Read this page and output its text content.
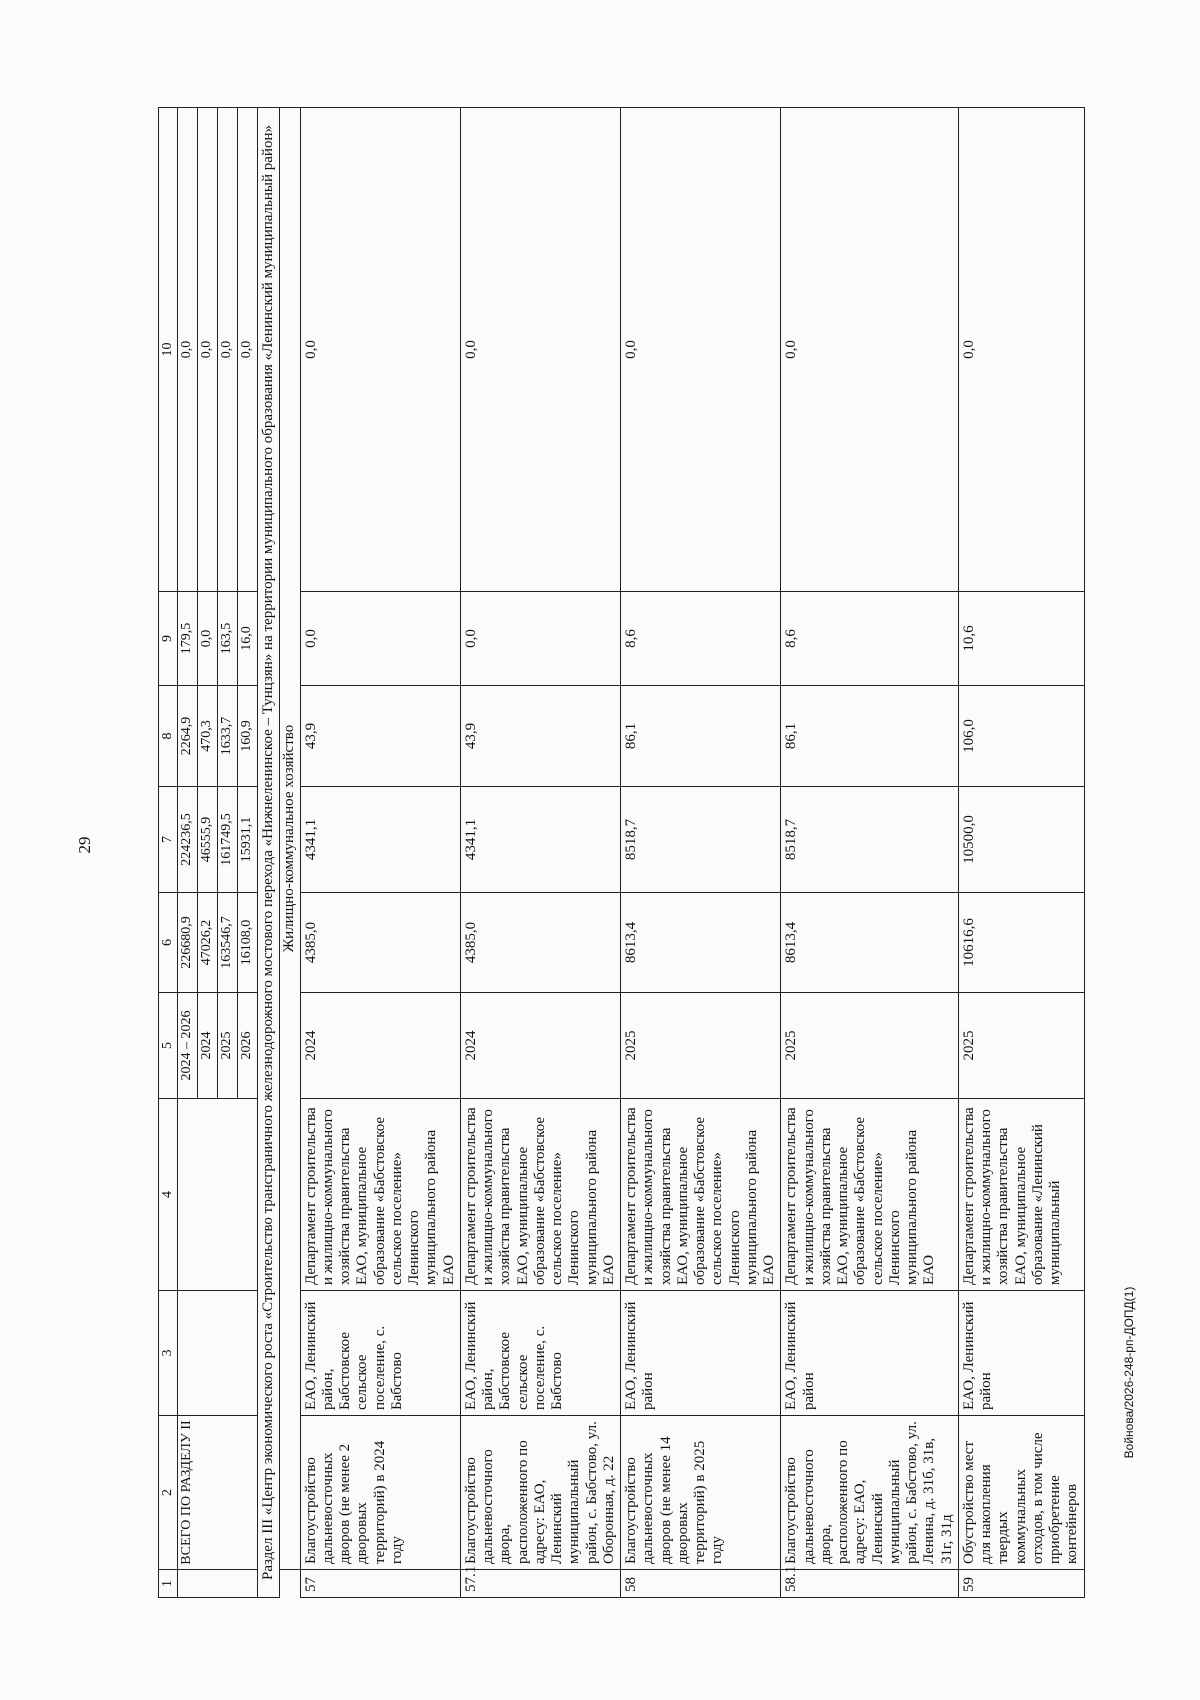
29
1	2	3	4	5	6	7	8	9	10
	ВСЕГО ПО РАЗДЕЛУ II			2024 – 2026	226680,9	224236,5	2264,9	179,5	0,0
				2024	47026,2	46555,9	470,3	0,0	0,0
				2025	163546,7	161749,5	1633,7	163,5	0,0
				2026	16108,0	15931,1	160,9	16,0	0,0
Раздел III «Центр экономического роста «Строительство трансграничного железнодорожного мостового перехода «Нижнеленинское – Тунцзян» на территории муниципального образования «Ленинский муниципальный район»									
	Жилищно-коммунальное хозяйство								
57	Благоустройство дальневосточных дворов (не менее 2 дворовых территорий) в 2024 году	ЕАО, Ленинский район, Бабстовское сельское поселение, с. Бабстово	Департамент строительства и жилищно-коммунального хозяйства правительства ЕАО, муниципальное образование «Бабстовское сельское поселение» Ленинского муниципального района ЕАО	2024	4385,0	4341,1	43,9	0,0	0,0
57.1	Благоустройство дальневосточного двора, расположенного по адресу: ЕАО, Ленинский муниципальный район, с. Бабстово, ул. Оборонная, д. 22	ЕАО, Ленинский район, Бабстовское сельское поселение, с. Бабстово	Департамент строительства и жилищно-коммунального хозяйства правительства ЕАО, муниципальное образование «Бабстовское сельское поселение» Ленинского муниципального района ЕАО	2024	4385,0	4341,1	43,9	0,0	0,0
58	Благоустройство дальневосточных дворов (не менее 14 дворовых территорий) в 2025 году	ЕАО, Ленинский район	Департамент строительства и жилищно-коммунального хозяйства правительства ЕАО, муниципальное образование «Бабстовское сельское поселение» Ленинского муниципального района ЕАО	2025	8613,4	8518,7	86,1	8,6	0,0
58.1	Благоустройство дальневосточного двора, расположенного по адресу: ЕАО, Ленинский муниципальный район, с. Бабстово, ул. Ленина, д. 31б, 31в, 31г, 31д	ЕАО, Ленинский район	Департамент строительства и жилищно-коммунального хозяйства правительства ЕАО, муниципальное образование «Бабстовское сельское поселение» Ленинского муниципального района ЕАО	2025	8613,4	8518,7	86,1	8,6	0,0
59	Обустройство мест для накопления твердых коммунальных отходов, в том числе приобретение контейнеров	ЕАО, Ленинский район	Департамент строительства и жилищно-коммунального хозяйства правительства ЕАО, муниципальное образование «Ленинский муниципальный	2025	10616,6	10500,0	106,0	10,6	0,0
Войнова/2026-248-рп-ДОПД(1)
